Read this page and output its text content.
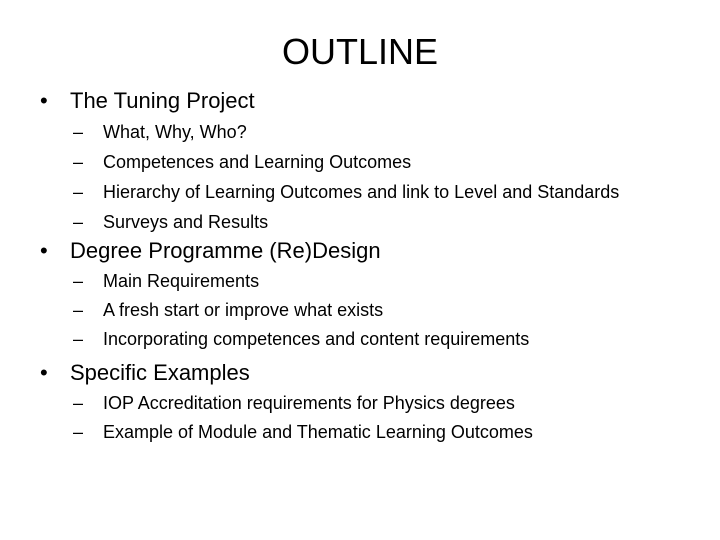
OUTLINE
• The Tuning Project
– What, Why, Who?
– Competences and Learning Outcomes
– Hierarchy of Learning Outcomes and link to Level and Standards
– Surveys and Results
• Degree Programme (Re)Design
– Main Requirements
– A fresh start or improve what exists
– Incorporating competences and content requirements
• Specific Examples
– IOP Accreditation requirements for Physics degrees
– Example of Module and Thematic Learning Outcomes
